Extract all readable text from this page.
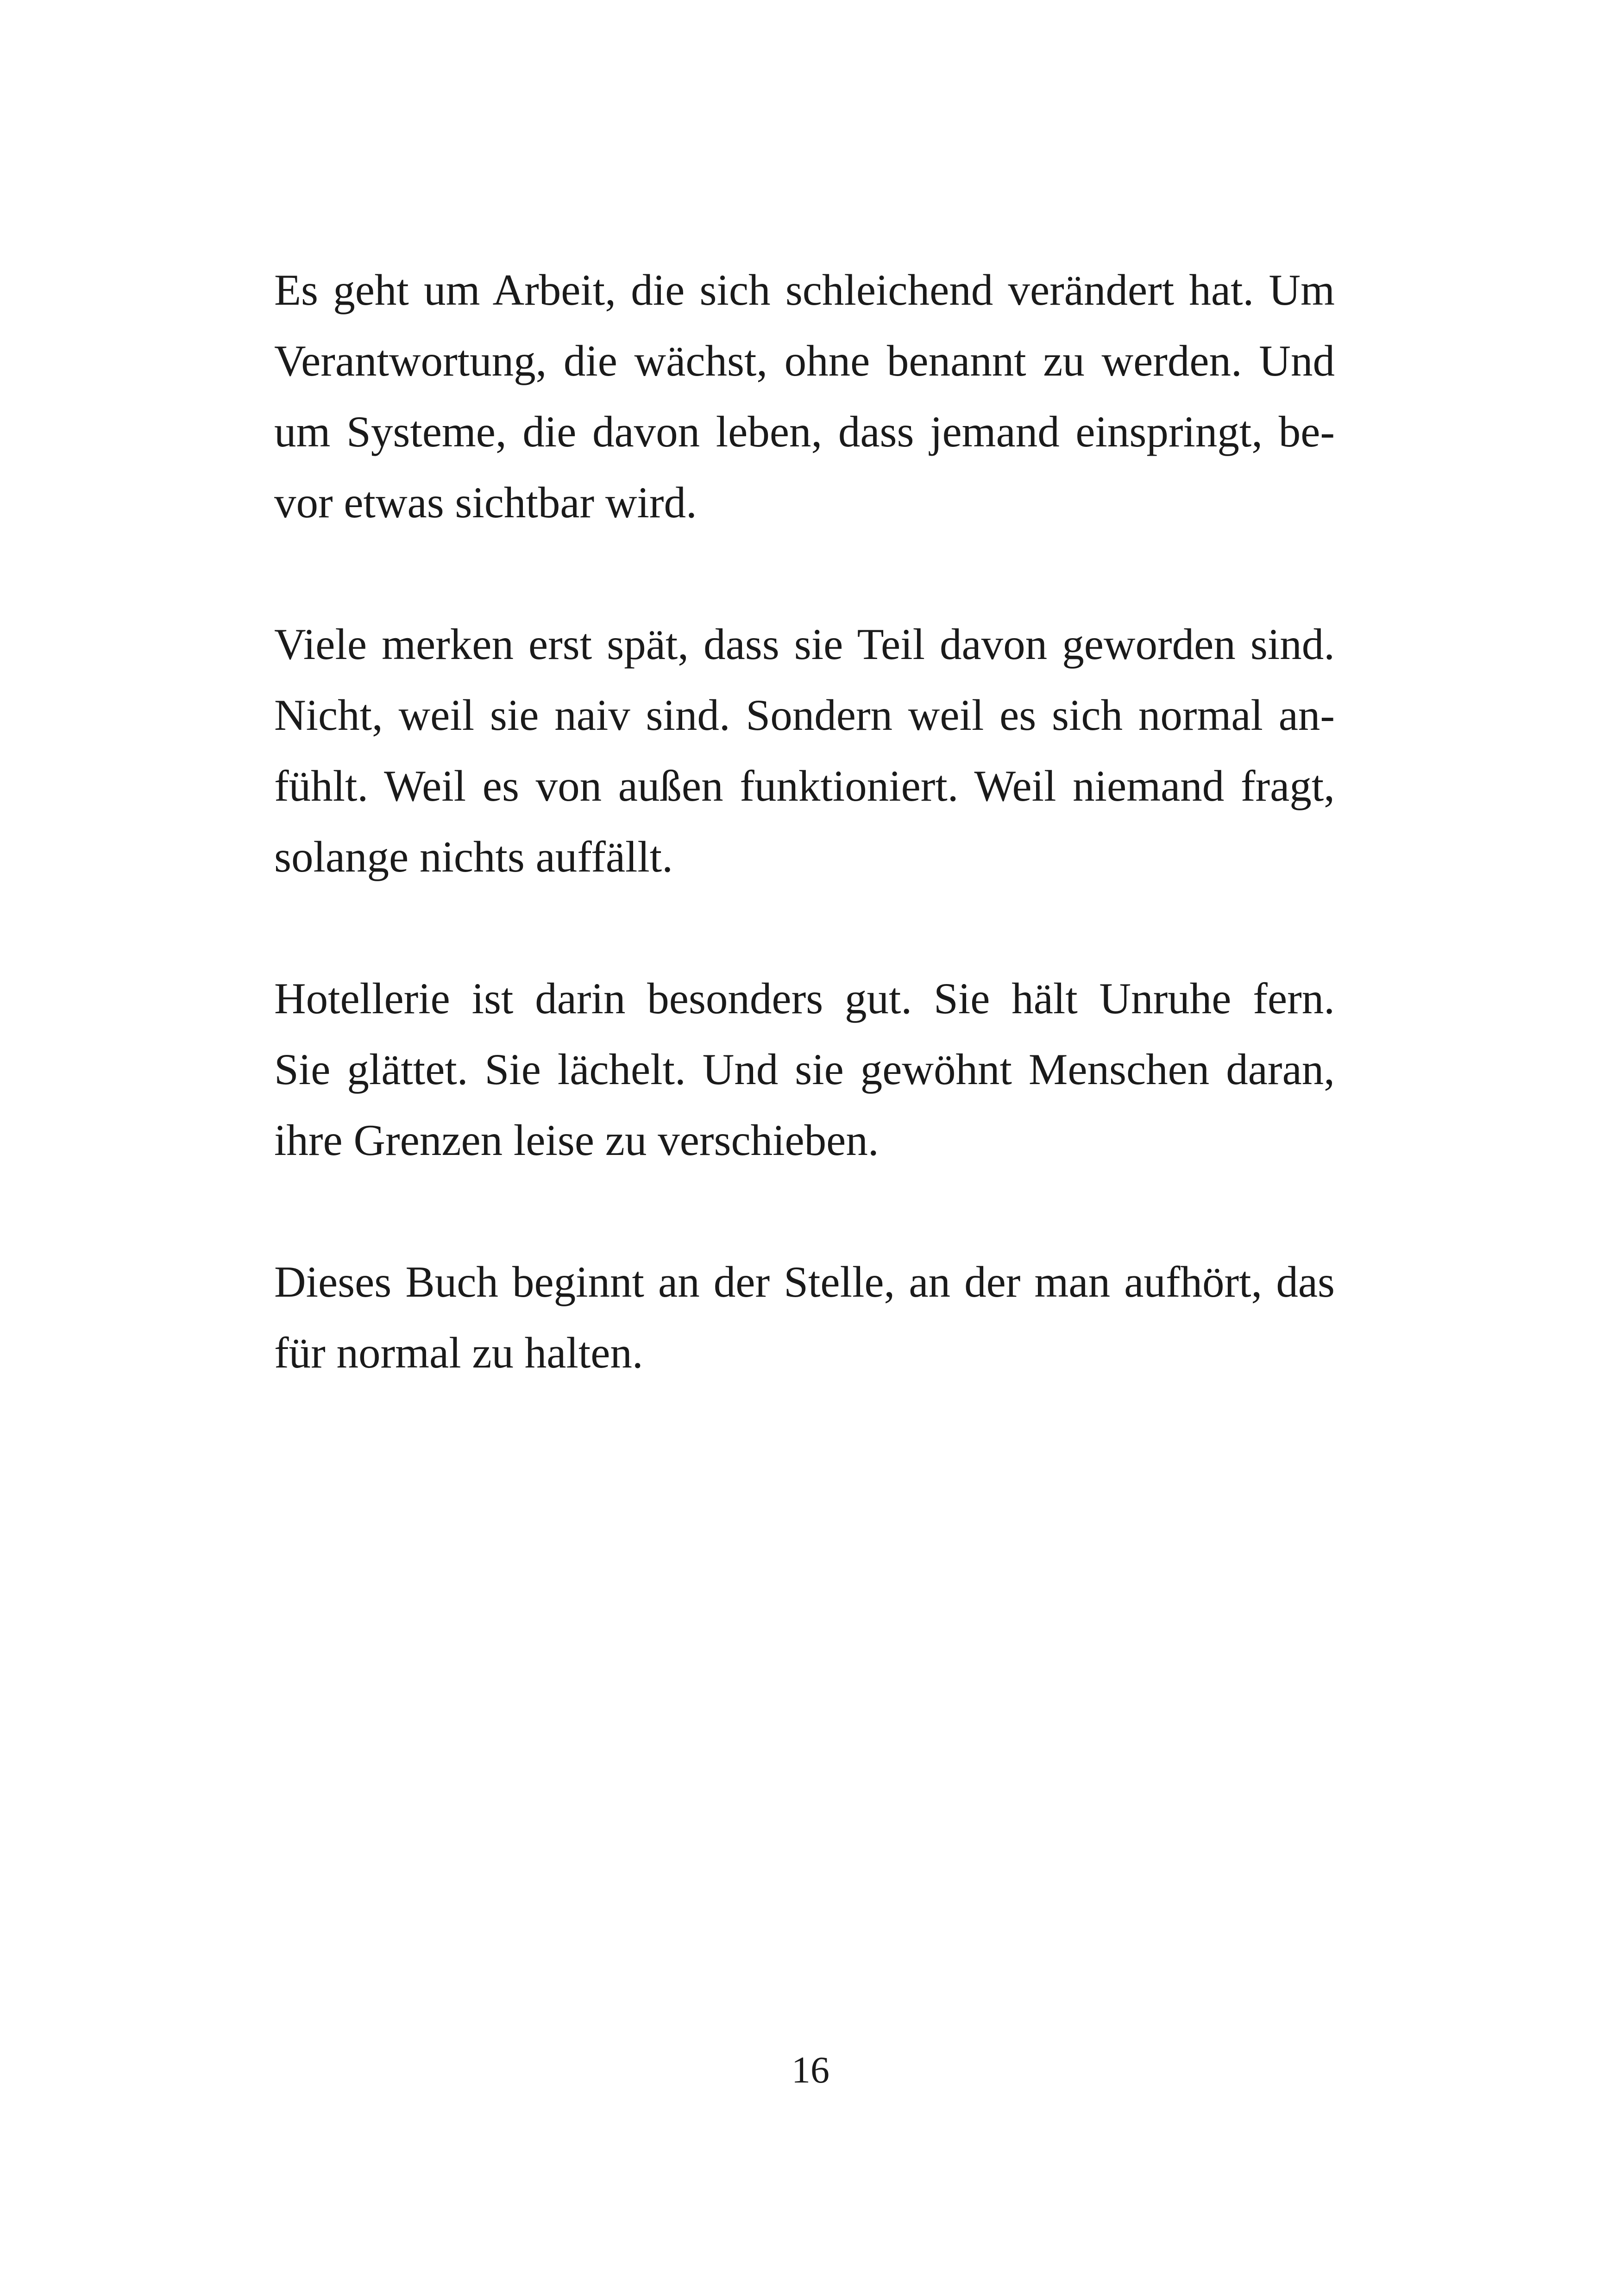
Es geht um Arbeit, die sich schleichend verändert hat. Um
Verantwortung, die wächst, ohne benannt zu werden. Und
um Systeme, die davon leben, dass jemand einspringt, be-
vor etwas sichtbar wird.
Viele merken erst spät, dass sie Teil davon geworden sind.
Nicht, weil sie naiv sind. Sondern weil es sich normal an-
fühlt. Weil es von außen funktioniert. Weil niemand fragt,
solange nichts auffällt.
Hotellerie ist darin besonders gut. Sie hält Unruhe fern.
Sie glättet. Sie lächelt. Und sie gewöhnt Menschen daran,
ihre Grenzen leise zu verschieben.
Dieses Buch beginnt an der Stelle, an der man aufhört, das
für normal zu halten.
16
